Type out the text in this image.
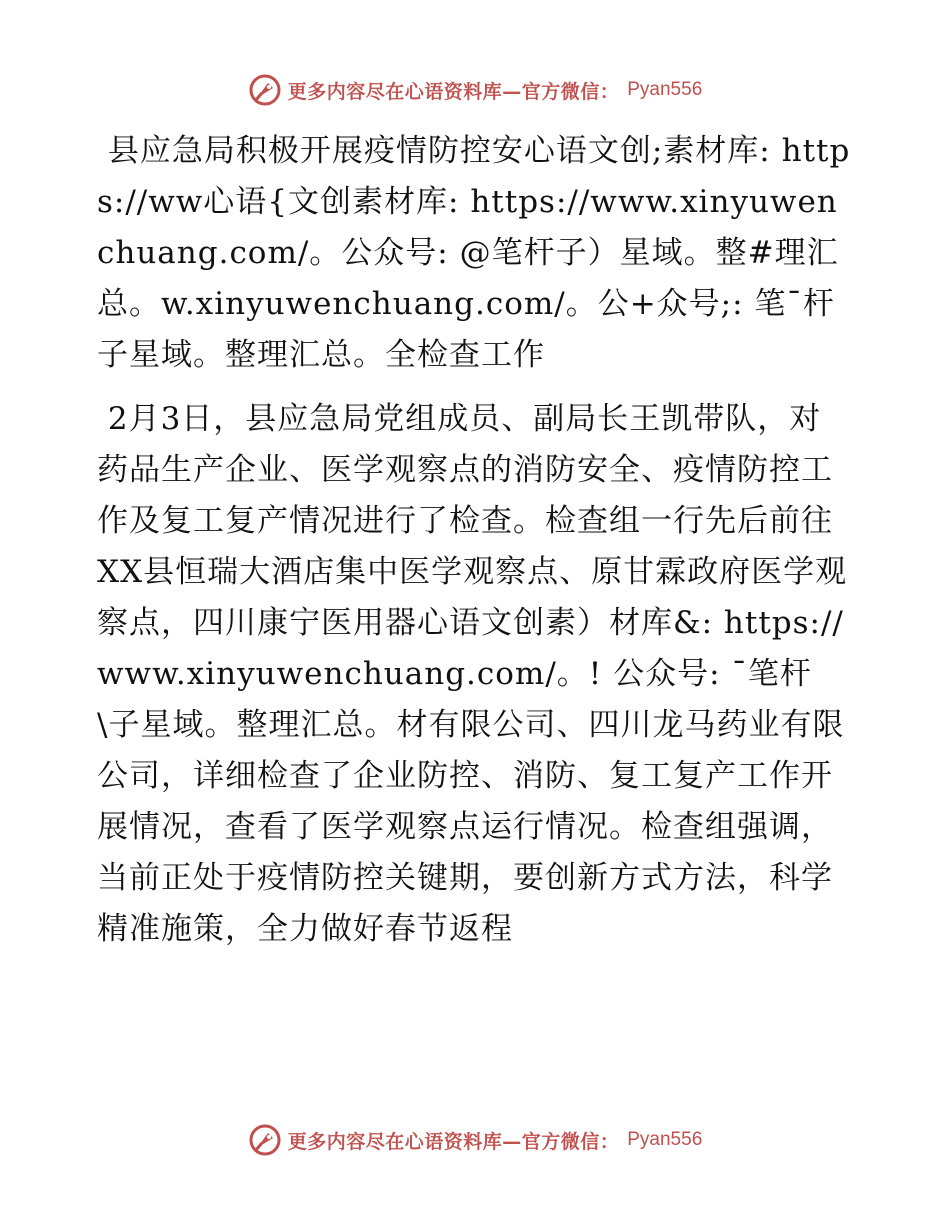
更多内容尽在心语资料库—官方微信： Pyan556

县应急局积极开展疫情防控安心语文创;素材库: https://ww心语{文创素材库: https://www.xinyuwenchuang.com/。公众号: @笔杆子）星域。整#理汇总。w.xinyuwenchuang.com/。公+众号;: 笔¯杆子星域。整理汇总。全检查工作

2月3日，县应急局党组成员、副局长王凯带队，对药品生产企业、医学观察点的消防安全、疫情防控工作及复工复产情况进行了检查。检查组一行先后前往XX县恒瑞大酒店集中医学观察点、原甘霖政府医学观察点，四川康宁医用器心语文创素）材库&: https://www.xinyuwenchuang.com/。! 公众号: ¯笔杆\子星域。整理汇总。材有限公司、四川龙马药业有限公司，详细检查了企业防控、消防、复工复产工作开展情况，查看了医学观察点运行情况。检查组强调，当前正处于疫情防控关键期，要创新方式方法，科学精准施策，全力做好春节返程

更多内容尽在心语资料库—官方微信： Pyan556
